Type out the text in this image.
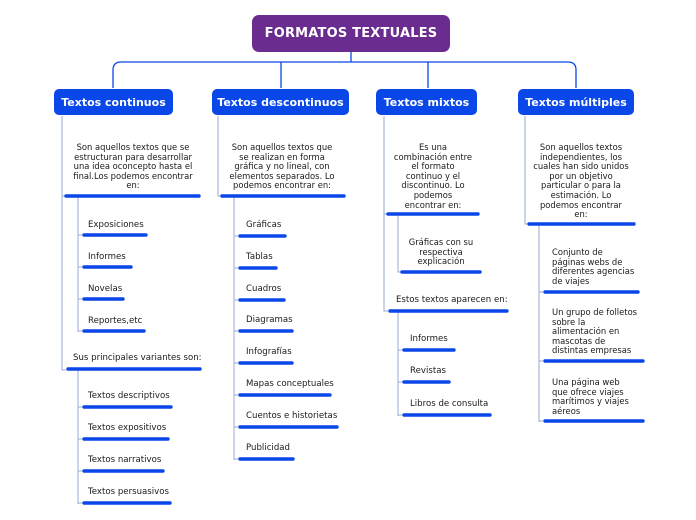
FORMATOS TEXTUALES
Textos continuos	Textos descontinuos	Textos mixtos	Textos múltiples
Son aquellos textos que se estructuran para desarrollar una idea oconcepto hasta el final.Los podemos encontrar en:
Exposiciones
Informes
Novelas
Reportes,etc
Sus principales variantes son:
Textos descriptivos
Textos expositivos
Textos narrativos
Textos persuasivos
Son aquellos textos que se realizan en forma gráfica y no lineal, con elementos separados. Lo podemos encontrar en:
Gráficas
Tablas
Cuadros
Diagramas
Infografías
Mapas conceptuales
Cuentos e historietas
Publicidad
Es una combinación entre el formato continuo y el discontinuo. Lo podemos encontrar en:
Gráficas con su respectiva explicación
Estos textos aparecen en:
Informes
Revistas
Libros de consulta
Son aquellos textos independientes, los cuales han sido unidos por un objetivo particular o para la estimación. Lo podemos encontrar en:
Conjunto de páginas webs de diferentes agencias de viajes
Un grupo de folletos sobre la alimentación en mascotas de distintas empresas
Una página web que ofrece viajes marítimos y viajes aéreos
